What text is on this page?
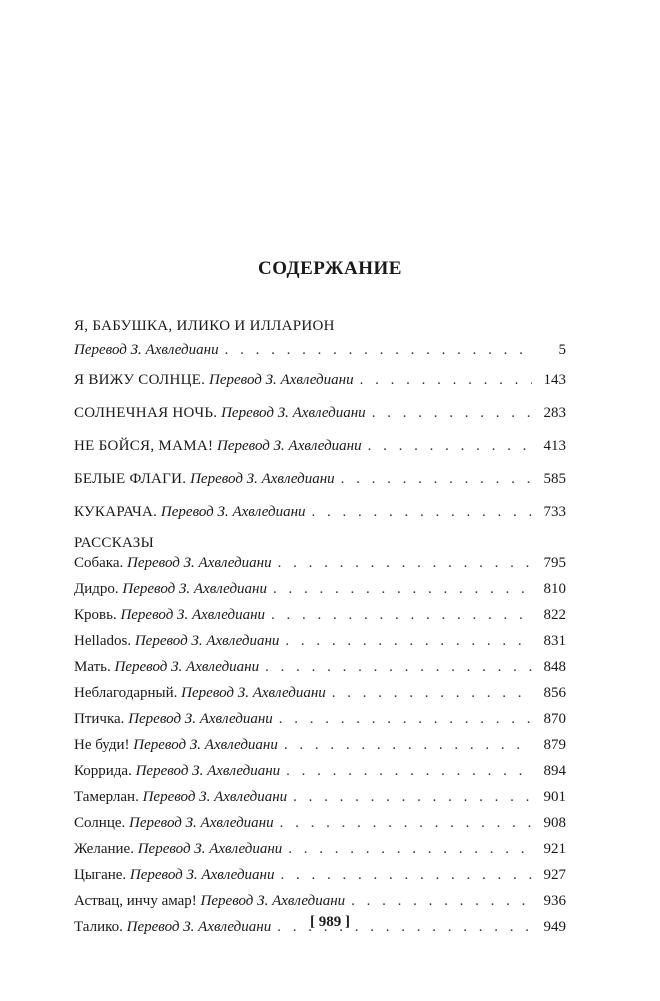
СОДЕРЖАНИЕ
Я, БАБУШКА, ИЛИКО И ИЛЛАРИОН
Перевод З. Ахвледиани . . .	5
Я ВИЖУ СОЛНЦЕ.
Перевод З. Ахвледиани . . .	143
СОЛНЕЧНАЯ НОЧЬ.
Перевод З. Ахвледиани . . .	283
НЕ БОЙСЯ, МАМА!
Перевод З. Ахвледиани . . .	413
БЕЛЫЕ ФЛАГИ.
Перевод З. Ахвледиани . . .	585
КУКАРАЧА.
Перевод З. Ахвледиани . . .	733
РАССКАЗЫ
Собака.
Перевод З. Ахвледиани . . .	795
Дидро.
Перевод З. Ахвледиани . . .	810
Кровь.
Перевод З. Ахвледиани . . .	822
Hellados.
Перевод З. Ахвледиани . . .	831
Мать.
Перевод З. Ахвледиани . . .	848
Неблагодарный.
Перевод З. Ахвледиани . . .	856
Птичка.
Перевод З. Ахвледиани . . .	870
Не буди!
Перевод З. Ахвледиани . . .	879
Коррида.
Перевод З. Ахвледиани . . .	894
Тамерлан.
Перевод З. Ахвледиани . . .	901
Солнце.
Перевод З. Ахвледиани . . .	908
Желание.
Перевод З. Ахвледиани . . .	921
Цыгане.
Перевод З. Ахвледиани . . .	927
Аствац, инчу амар!
Перевод З. Ахвледиани . . .	936
Талико.
Перевод З. Ахвледиани . . .	949
[ 989 ]
